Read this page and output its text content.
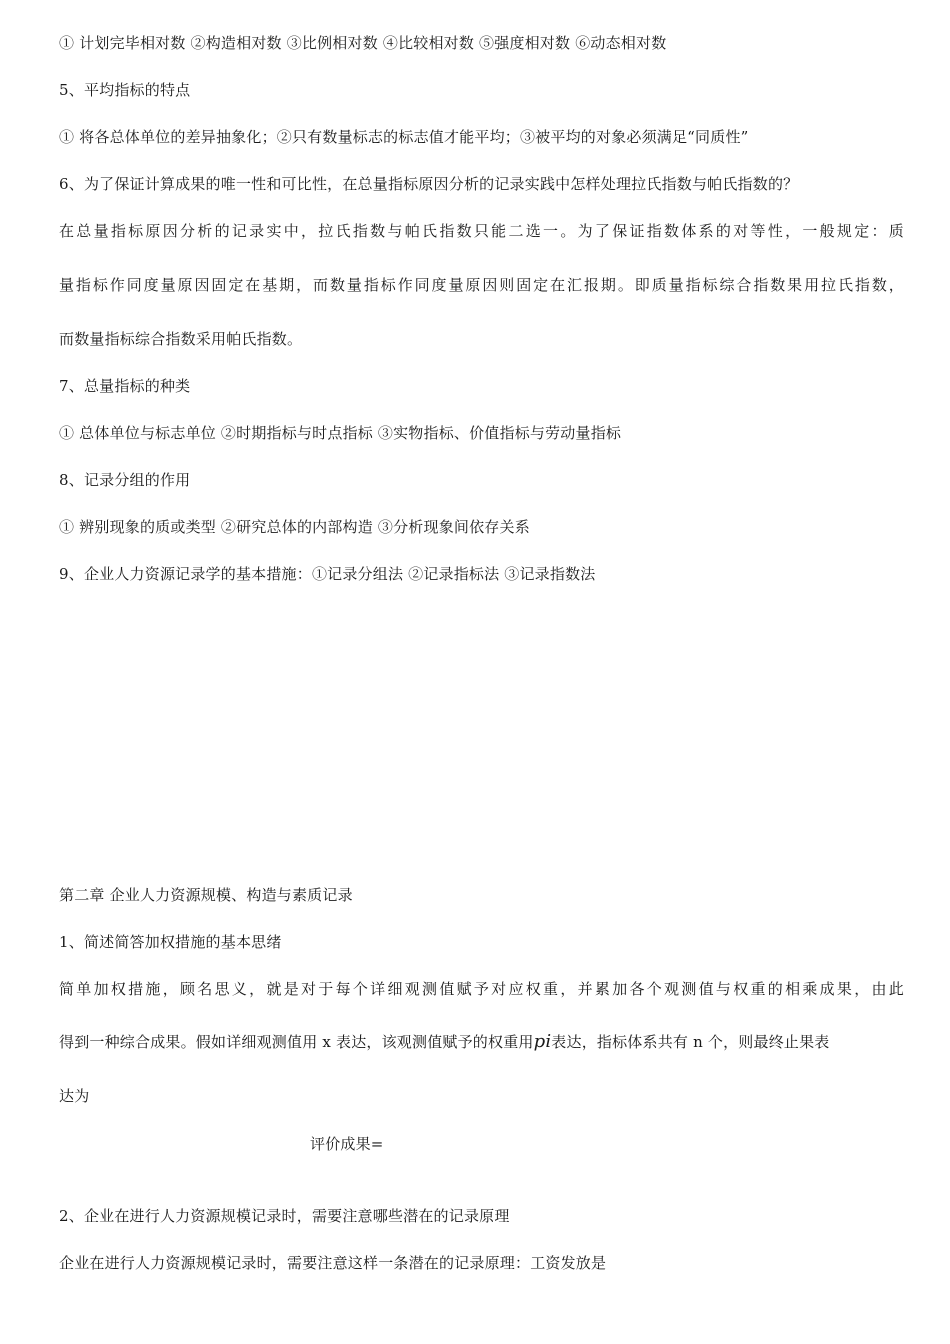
① 计划完毕相对数 ②构造相对数 ③比例相对数 ④比较相对数 ⑤强度相对数 ⑥动态相对数
5、平均指标的特点
① 将各总体单位的差异抽象化；②只有数量标志的标志值才能平均；③被平均的对象必须满足“同质性”
6、为了保证计算成果的唯一性和可比性，在总量指标原因分析的记录实践中怎样处理拉氏指数与帕氏指数的？
在总量指标原因分析的记录实中，拉氏指数与帕氏指数只能二选一。为了保证指数体系的对等性，一般规定：质
量指标作同度量原因固定在基期，而数量指标作同度量原因则固定在汇报期。即质量指标综合指数果用拉氏指数，
而数量指标综合指数采用帕氏指数。
7、总量指标的种类
① 总体单位与标志单位 ②时期指标与时点指标 ③实物指标、价值指标与劳动量指标
8、记录分组的作用
① 辨别现象的质或类型 ②研究总体的内部构造 ③分析现象间依存关系
9、企业人力资源记录学的基本措施：①记录分组法 ②记录指标法 ③记录指数法
第二章 企业人力资源规模、构造与素质记录
1、简述简答加权措施的基本思绪
简单加权措施，顾名思义，就是对于每个详细观测值赋予对应权重，并累加各个观测值与权重的相乘成果，由此
得到一种综合成果。假如详细观测值用 x 表达，该观测值赋予的权重用pi表达，指标体系共有 n 个，则最终止果表
达为
评价成果=
2、企业在进行人力资源规模记录时，需要注意哪些潜在的记录原理
企业在进行人力资源规模记录时，需要注意这样一条潜在的记录原理：工资发放是
